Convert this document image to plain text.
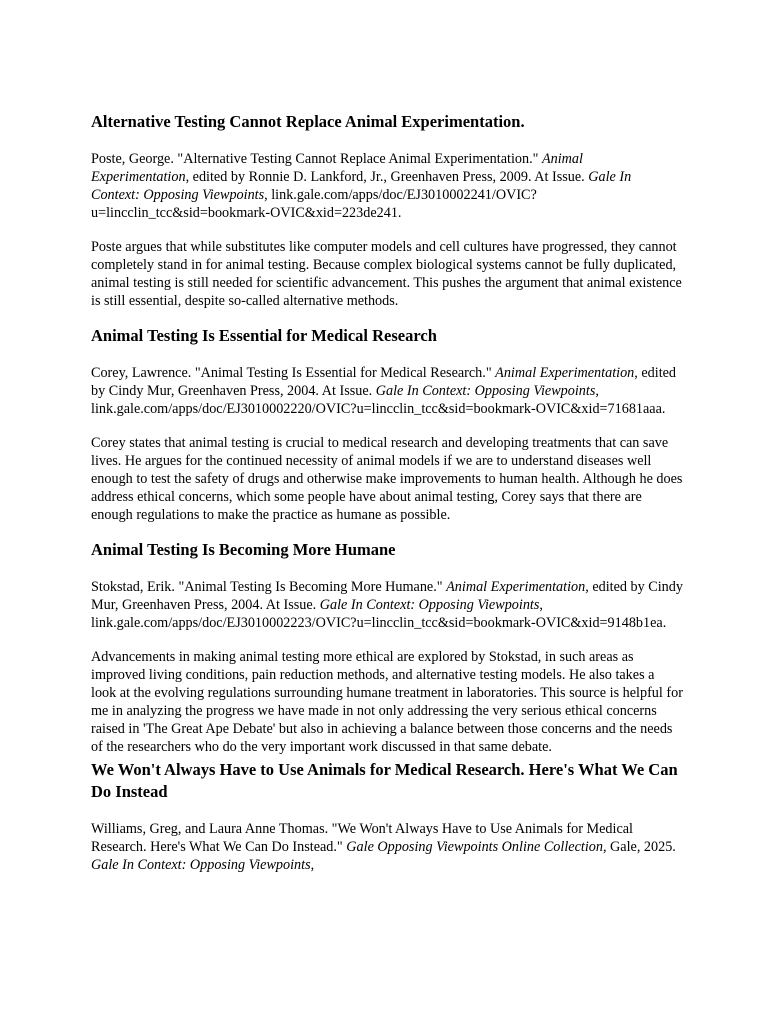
Alternative Testing Cannot Replace Animal Experimentation.

Poste, George. "Alternative Testing Cannot Replace Animal Experimentation." Animal Experimentation, edited by Ronnie D. Lankford, Jr., Greenhaven Press, 2009. At Issue. Gale In Context: Opposing Viewpoints, link.gale.com/apps/doc/EJ3010002241/OVIC?u=lincclin_tcc&sid=bookmark-OVIC&xid=223de241.

Poste argues that while substitutes like computer models and cell cultures have progressed, they cannot completely stand in for animal testing. Because complex biological systems cannot be fully duplicated, animal testing is still needed for scientific advancement. This pushes the argument that animal existence is still essential, despite so-called alternative methods.

Animal Testing Is Essential for Medical Research

Corey, Lawrence. "Animal Testing Is Essential for Medical Research." Animal Experimentation, edited by Cindy Mur, Greenhaven Press, 2004. At Issue. Gale In Context: Opposing Viewpoints, link.gale.com/apps/doc/EJ3010002220/OVIC?u=lincclin_tcc&sid=bookmark-OVIC&xid=71681aaa.

Corey states that animal testing is crucial to medical research and developing treatments that can save lives. He argues for the continued necessity of animal models if we are to understand diseases well enough to test the safety of drugs and otherwise make improvements to human health. Although he does address ethical concerns, which some people have about animal testing, Corey says that there are enough regulations to make the practice as humane as possible.

Animal Testing Is Becoming More Humane

Stokstad, Erik. "Animal Testing Is Becoming More Humane." Animal Experimentation, edited by Cindy Mur, Greenhaven Press, 2004. At Issue. Gale In Context: Opposing Viewpoints, link.gale.com/apps/doc/EJ3010002223/OVIC?u=lincclin_tcc&sid=bookmark-OVIC&xid=9148b1ea.

Advancements in making animal testing more ethical are explored by Stokstad, in such areas as improved living conditions, pain reduction methods, and alternative testing models. He also takes a look at the evolving regulations surrounding humane treatment in laboratories. This source is helpful for me in analyzing the progress we have made in not only addressing the very serious ethical concerns raised in 'The Great Ape Debate' but also in achieving a balance between those concerns and the needs of the researchers who do the very important work discussed in that same debate.

We Won't Always Have to Use Animals for Medical Research. Here's What We Can Do Instead

Williams, Greg, and Laura Anne Thomas. "We Won't Always Have to Use Animals for Medical Research. Here's What We Can Do Instead." Gale Opposing Viewpoints Online Collection, Gale, 2025. Gale In Context: Opposing Viewpoints,
